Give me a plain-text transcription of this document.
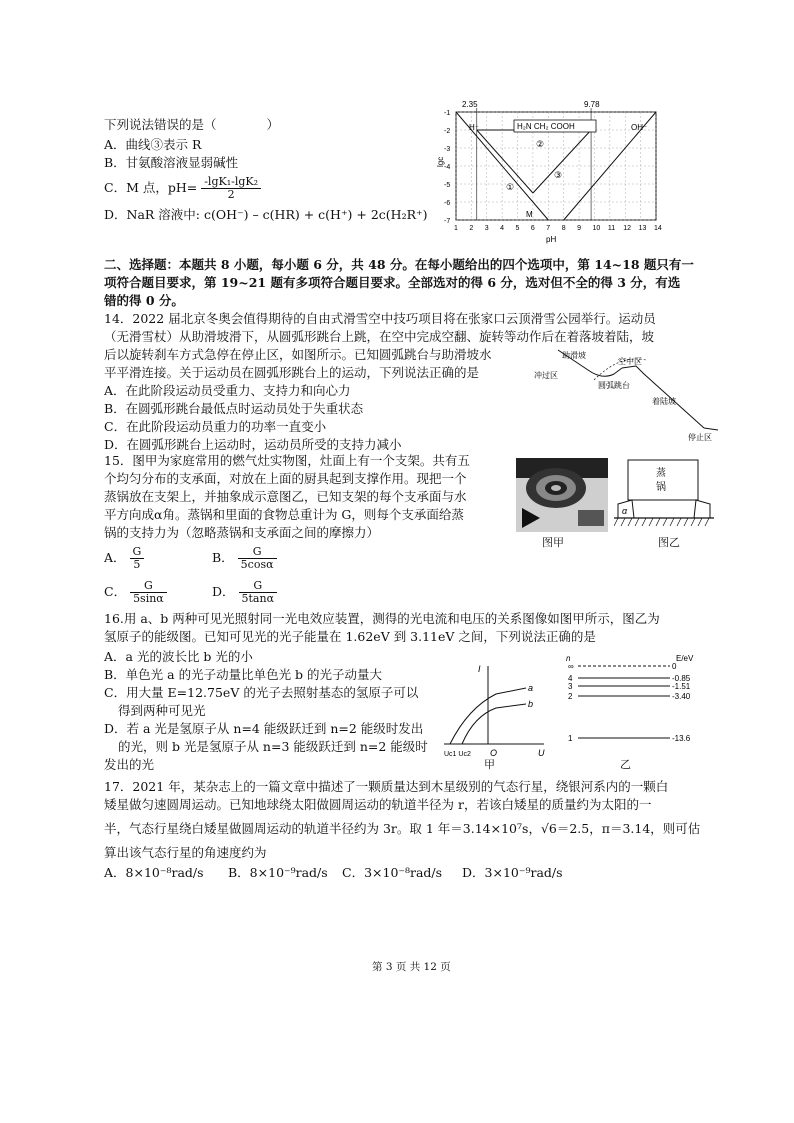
下列说法错误的是（　　　　）
A．曲线③表示 R
B．甘氨酸溶液显弱碱性
C．M 点，$pH= \frac{\text{-lgK₁-lgK₂}}{2}$
D．NaR 溶液中: c(OH⁻) – c(HR) + c(H⁺) + 2c(H₂R⁺)
1 2 3 4 5 6 7 8 9 10 11 12 13 14
-1
-2
-3
-4
-5
-6
-7
2.35	9.78
lgc
pH
H₂N CH₂ COOH
H⁺	OH⁻
①
②
③
M
二、选择题：本题共 8 小题，每小题 6 分，共 48 分。在每小题给出的四个选项中，第 14~18 题只有一
项符合题目要求，第 19~21 题有多项符合题目要求。全部选对的得 6 分，选对但不全的得 3 分，有选
错的得 0 分。
14．2022 届北京冬奥会值得期待的自由式滑雪空中技巧项目将在张家口云顶滑雪公园举行。运动员
（无滑雪杖）从助滑坡滑下，从圆弧形跳台上跳，在空中完成空翻、旋转等动作后在着落坡着陆，坡
后以旋转刹车方式急停在停止区，如图所示。已知圆弧跳台与助滑坡水
平平滑连接。关于运动员在圆弧形跳台上的运动，下列说法正确的是
A．在此阶段运动员受重力、支持力和向心力
B．在圆弧形跳台最低点时运动员处于失重状态
C．在此阶段运动员重力的功率一直变小
D．在圆弧形跳台上运动时，运动员所受的支持力减小
助滑坡
空中区
冲过区
圆弧跳台
着陆坡
停止区
15．图甲为家庭常用的燃气灶实物图，灶面上有一个支架。共有五
个均匀分布的支承面，对放在上面的厨具起到支撑作用。现把一个
蒸锅放在支架上，并抽象成示意图乙，已知支架的每个支承面与水
平方向成α角。蒸锅和里面的食物总重计为 G，则每个支承面给蒸
锅的支持力为（忽略蒸锅和支承面之间的摩擦力）
A． $\frac{G}{5}$	B． $\frac{G}{5\cos\alpha}$
C． $\frac{G}{5\sin\alpha}$	D． $\frac{G}{5\tan\alpha}$
图甲
蒸
锅
α
图乙
16.用 a、b 两种可见光照射同一光电效应装置，测得的光电流和电压的关系图像如图甲所示，图乙为
氢原子的能级图。已知可见光的光子能量在 1.62eV 到 3.11eV 之间，下列说法正确的是
A．a 光的波长比 b 光的小
B．单色光 a 的光子动量比单色光 b 的光子动量大
C．用大量 E=12.75eV 的光子去照射基态的氢原子可以
得到两种可见光
D．若 a 光是氢原子从 n=4 能级跃迁到 n=2 能级时发出
的光，则 b 光是氢原子从 n=3 能级跃迁到 n=2 能级时
发出的光
I
U
O
a
b
Uc1 Uc2
甲
n	E/eV
∞	0
4	-0.85
3	-1.51
2	-3.40
1	-13.6
乙
17．2021 年，某杂志上的一篇文章中描述了一颗质量达到木星级别的气态行星，绕银河系内的一颗白
矮星做匀速圆周运动。已知地球绕太阳做圆周运动的轨道半径为 r，若该白矮星的质量约为太阳的一
半，气态行星绕白矮星做圆周运动的轨道半径约为 3r。取 1 年＝3.14×10⁷s，√6＝2.5，π＝3.14，则可估
算出该气态行星的角速度约为
A．8×10⁻⁸rad/s B．8×10⁻⁹rad/s C．3×10⁻⁸rad/s D．3×10⁻⁹rad/s
第 3 页 共 12 页
